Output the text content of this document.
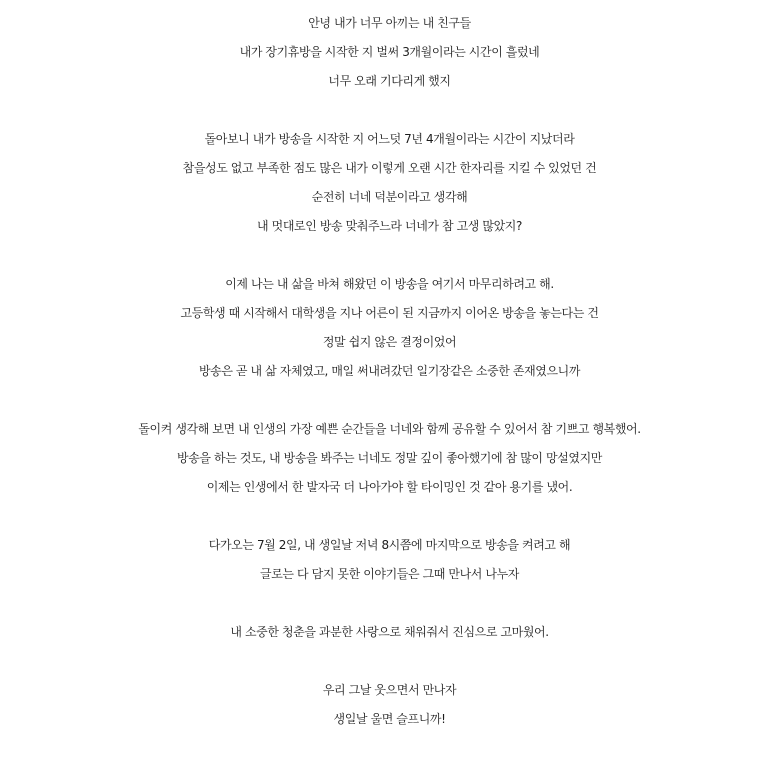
안녕 내가 너무 아끼는 내 친구들
내가 장기휴방을 시작한 지 벌써 3개월이라는 시간이 흘렀네
너무 오래 기다리게 했지
돌아보니 내가 방송을 시작한 지 어느덧 7년 4개월이라는 시간이 지났더라
참을성도 없고 부족한 점도 많은 내가 이렇게 오랜 시간 한자리를 지킬 수 있었던 건
순전히 너네 덕분이라고 생각해
내 멋대로인 방송 맞춰주느라 너네가 참 고생 많았지?
이제 나는 내 삶을 바쳐 해왔던 이 방송을 여기서 마무리하려고 해.
고등학생 때 시작해서 대학생을 지나 어른이 된 지금까지 이어온 방송을 놓는다는 건
정말 쉽지 않은 결정이었어
방송은 곧 내 삶 자체였고, 매일 써내려갔던 일기장같은 소중한 존재였으니까
돌이켜 생각해 보면 내 인생의 가장 예쁜 순간들을 너네와 함께 공유할 수 있어서 참 기쁘고 행복했어.
방송을 하는 것도, 내 방송을 봐주는 너네도 정말 깊이 좋아했기에 참 많이 망설였지만
이제는 인생에서 한 발자국 더 나아가야 할 타이밍인 것 같아 용기를 냈어.
다가오는 7월 2일, 내 생일날 저녁 8시쯤에 마지막으로 방송을 켜려고 해
글로는 다 담지 못한 이야기들은 그때 만나서 나누자
내 소중한 청춘을 과분한 사랑으로 채워줘서 진심으로 고마웠어.
우리 그날 웃으면서 만나자
생일날 울면 슬프니까!
